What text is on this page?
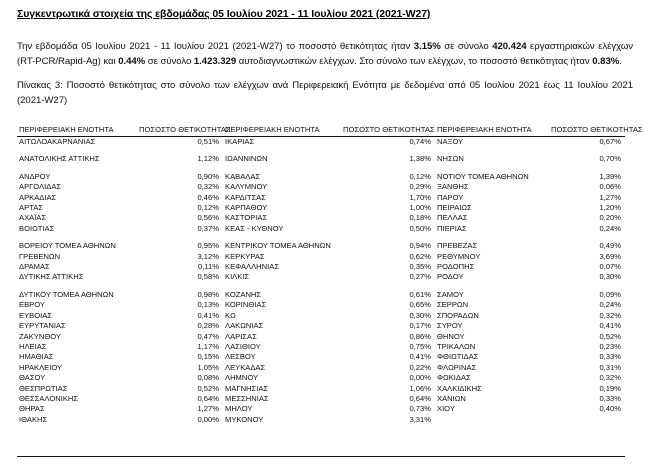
Συγκεντρωτικά στοιχεία της εβδομάδας 05 Ιουλίου 2021 - 11 Ιουλίου 2021 (2021-W27)
Την εβδομάδα 05 Ιουλίου 2021 - 11 Ιουλίου 2021 (2021-W27) το ποσοστό θετικότητας ήταν 3.15% σε σύνολο 420.424 εργαστηριακών ελέγχων (RT-PCR/Rapid-Ag) και 0.44% σε σύνολο 1.423.329 αυτοδιαγνωστικών ελέγχων. Στο σύνολο των ελέγχων, το ποσοστό θετικότητας ήταν 0.83%.
Πίνακας 3: Ποσοστό θετικότητας στο σύνολο των ελέγχων ανά Περιφερειακή Ενότητα με δεδομένα από 05 Ιουλίου 2021 έως 11 Ιουλίου 2021 (2021-W27)
ΠΕΡΙΦΕΡΕΙΑΚΗ ΕΝΟΤΗΤΑ	ΠΟΣΟΣΤΟ ΘΕΤΙΚΟΤΗΤΑΣ	ΠΕΡΙΦΕΡΕΙΑΚΗ ΕΝΟΤΗΤΑ	ΠΟΣΟΣΤΟ ΘΕΤΙΚΟΤΗΤΑΣ	ΠΕΡΙΦΕΡΕΙΑΚΗ ΕΝΟΤΗΤΑ	ΠΟΣΟΣΤΟ ΘΕΤΙΚΟΤΗΤΑΣ
ΑΙΤΩΛΟΑΚΑΡΝΑΝΙΑΣ	0,51%	ΙΚΑΡΙΑΣ	0,74%	ΝΑΞΟΥ	0,67%

ΑΝΑΤΟΛΙΚΗΣ ΑΤΤΙΚΗΣ	1,12%	ΙΩΑΝΝΙΝΩΝ	1,38%	ΝΗΣΩΝ	0,70%

ΑΝΔΡΟΥ	0,90%	ΚΑΒΑΛΑΣ	0,12%	ΝΟΤΙΟΥ ΤΟΜΕΑ ΑΘΗΝΩΝ	1,39%
ΑΡΓΟΛΙΔΑΣ	0,32%	ΚΑΛΥΜΝΟΥ	0,29%	ΞΑΝΘΗΣ	0,06%
ΑΡΚΑΔΙΑΣ	0,46%	ΚΑΡΔΙΤΣΑΣ	1,70%	ΠΑΡΟΥ	1,27%
ΑΡΤΑΣ	0,12%	ΚΑΡΠΑΘΟΥ	1,00%	ΠΕΙΡΑΙΩΣ	1,20%
ΑΧΑΪΑΣ	0,56%	ΚΑΣΤΟΡΙΑΣ	0,18%	ΠΕΛΛΑΣ	0,20%
ΒΟΙΩΤΙΑΣ	0,37%	ΚΕΑΣ - ΚΥΘΝΟΥ	0,50%	ΠΙΕΡΙΑΣ	0,24%

ΒΟΡΕΙΟΥ ΤΟΜΕΑ ΑΘΗΝΩΝ	0,95%	ΚΕΝΤΡΙΚΟΥ ΤΟΜΕΑ ΑΘΗΝΩΝ	0,94%	ΠΡΕΒΕΖΑΣ	0,49%
ΓΡΕΒΕΝΩΝ	3,12%	ΚΕΡΚΥΡΑΣ	0,62%	ΡΕΘΥΜΝΟΥ	3,69%
ΔΡΑΜΑΣ	0,11%	ΚΕΦΑΛΛΗΝΙΑΣ	0,35%	ΡΟΔΟΠΗΣ	0,07%
ΔΥΤΙΚΗΣ ΑΤΤΙΚΗΣ	0,58%	ΚΙΛΚΙΣ	0,27%	ΡΟΔΟΥ	0,30%

ΔΥΤΙΚΟΥ ΤΟΜΕΑ ΑΘΗΝΩΝ	0,98%	ΚΟΖΑΝΗΣ	0,61%	ΣΑΜΟΥ	0,09%
ΕΒΡΟΥ	0,13%	ΚΟΡΙΝΘΙΑΣ	0,65%	ΣΕΡΡΩΝ	0,24%
ΕΥΒΟΙΑΣ	0,41%	ΚΩ	0,30%	ΣΠΟΡΑΔΩΝ	0,32%
ΕΥΡΥΤΑΝΙΑΣ	0,28%	ΛΑΚΩΝΙΑΣ	0,17%	ΣΥΡΟΥ	0,41%
ΖΑΚΥΝΘΟΥ	0,47%	ΛΑΡΙΣΑΣ	0,86%	ΘΗΝΟΥ	0,52%
ΗΛΕΙΑΣ	1,17%	ΛΑΣΙΘΙΟΥ	0,75%	ΤΡΙΚΑΛΩΝ	0,23%
ΗΜΑΘΙΑΣ	0,15%	ΛΕΣΒΟΥ	0,41%	ΦΘΙΩΤΙΔΑΣ	0,33%
ΗΡΑΚΛΕΙΟΥ	1,05%	ΛΕΥΚΑΔΑΣ	0,22%	ΦΛΩΡΙΝΑΣ	0,31%
ΘΑΣΟΥ	0,08%	ΛΗΜΝΟΥ	0,00%	ΦΩΚΙΔΑΣ	0,32%
ΘΕΣΠΡΩΤΙΑΣ	0,52%	ΜΑΓΝΗΣΙΑΣ	1,06%	ΧΑΛΚΙΔΙΚΗΣ	0,19%
ΘΕΣΣΑΛΟΝΙΚΗΣ	0,64%	ΜΕΣΣΗΝΙΑΣ	0,64%	ΧΑΝΙΩΝ	0,33%
ΘΗΡΑΣ	1,27%	ΜΗΛΟΥ	0,73%	ΧΙΟΥ	0,40%
ΙΘΑΚΗΣ	0,00%	ΜΥΚΟΝΟΥ	3,31%		
